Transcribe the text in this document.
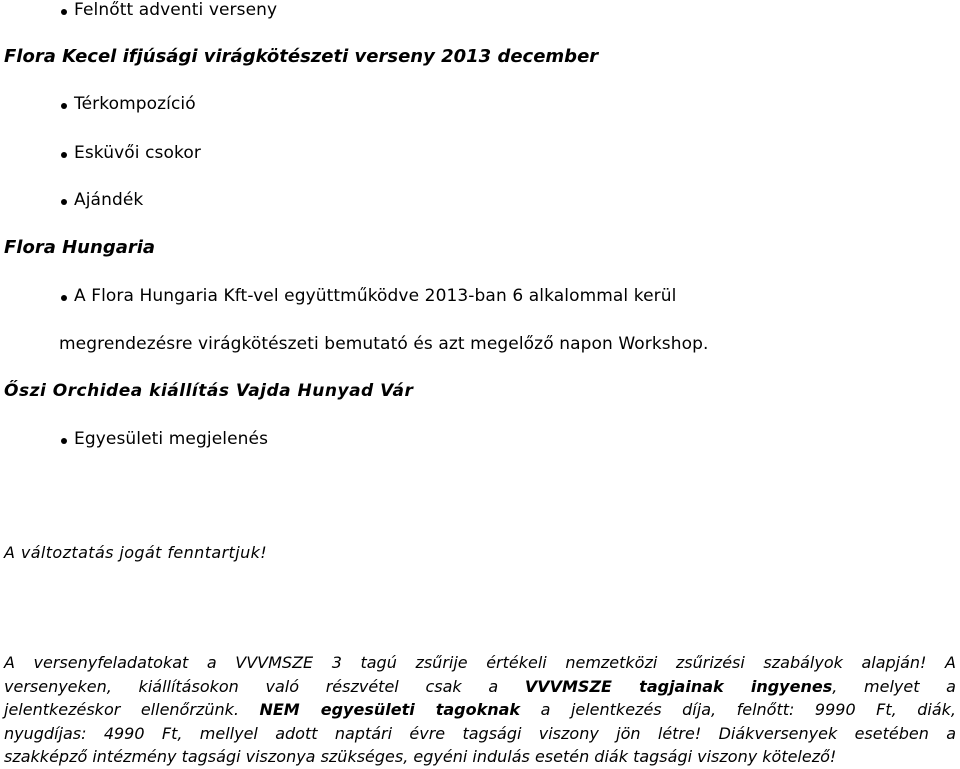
Felnőtt adventi verseny
Flora Kecel ifjúsági virágkötészeti verseny 2013 december
Térkompozíció
Esküvői csokor
Ajándék
Flora Hungaria
A Flora Hungaria Kft-vel együttműködve 2013-ban 6 alkalommal kerül
megrendezésre virágkötészeti bemutató és azt megelőző napon Workshop.
Őszi Orchidea kiállítás Vajda Hunyad Vár
Egyesületi megjelenés
A változtatás jogát fenntartjuk!
A versenyfeladatokat a VVVMSZE 3 tagú zsűrije értékeli nemzetközi zsűrizési szabályok alapján! A
versenyeken, kiállításokon való részvétel csak a VVVMSZE tagjainak ingyenes, melyet a
jelentkezéskor ellenőrzünk. NEM egyesületi tagoknak a jelentkezés díja, felnőtt: 9990 Ft, diák,
nyugdíjas: 4990 Ft, mellyel adott naptári évre tagsági viszony jön létre! Diákversenyek esetében a
szakképző intézmény tagsági viszonya szükséges, egyéni indulás esetén diák tagsági viszony kötelező!
